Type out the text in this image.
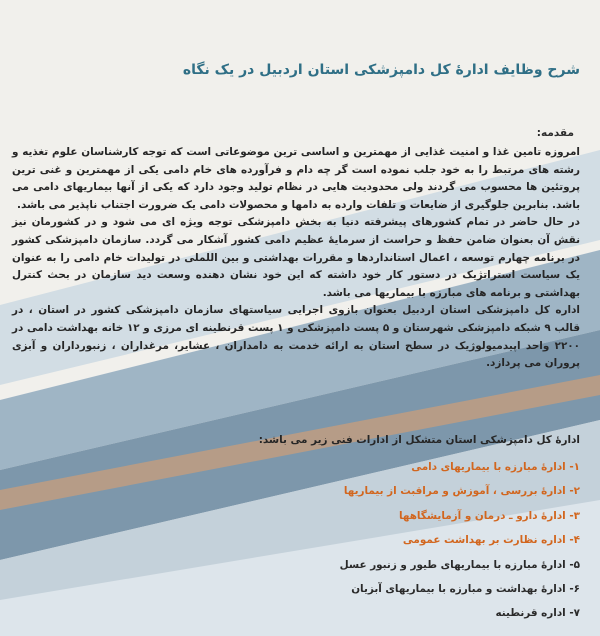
شرح وظایف ادارهٔ کل دامپزشکی استان اردبیل در یک نگاه
مقدمه:

امروزه تامین غذا و امنیت غذایی از مهمترین و اساسی ترین موضوعاتی است که توجه کارشناسان علوم تغذیه و رشته های مرتبط را به خود جلب نموده است گر چه دام و فرآورده های خام دامی یکی از مهمترین و غنی ترین پروتئین ها محسوب می گردند ولی محدودیت هایی در نظام تولید وجود دارد که یکی از آنها بیماریهای دامی می باشد. بنابرین جلوگیری از ضایعات و تلفات وارده به دامها و محصولات دامی یک ضرورت اجتناب ناپذیر می باشد.

در حال حاضر در تمام کشورهای پیشرفته دنیا به بخش دامپزشکی توجه ویژه ای می شود و در کشورمان نیز نقش آن بعنوان ضامن حفظ و حراست از سرمایهٔ عظیم دامی کشور آشکار می گردد. سازمان دامپزشکی کشور در برنامه چهارم توسعه ، اعمال استانداردها و مقررات بهداشتی و بین اللملی در تولیدات خام دامی را به عنوان یک سیاست استراتژیک در دستور کار خود داشته که این خود نشان دهنده وسعت دید سازمان در بحث کنترل بهداشتی و برنامه های مبارزه با بیماریها می باشد.

اداره کل دامپزشکی استان اردبیل بعنوان بازوی اجرایی سیاستهای سازمان دامپزشکی کشور در استان ، در قالب ۹ شبکه دامپزشکی شهرستان و ۵ پست دامپزشکی و ۱ پست قرنطینه ای مرزی و ۱۲ خانه بهداشت دامی در ۲۲۰۰ واحد اپیدمیولوژیک در سطح استان به ارائه خدمت به دامداران ، عشایر، مرغداران ، زنبورداران و آبزی پروران می پردازد.

ادارهٔ کل دامپزشکی استان متشکل از ادارات فنی زیر می باشد:
۱- ادارهٔ مبارزه با بیماریهای دامی
۲- ادارهٔ بررسی ، آموزش و مراقبت از بیماریها
۳- ادارهٔ دارو ـ درمان و آزمایشگاهها
۴- اداره نظارت بر بهداشت عمومی
۵- ادارهٔ مبارزه با بیماریهای طیور و زنبور عسل
۶- ادارهٔ بهداشت و مبارزه با بیماریهای آبزیان
۷- اداره قرنطینه
